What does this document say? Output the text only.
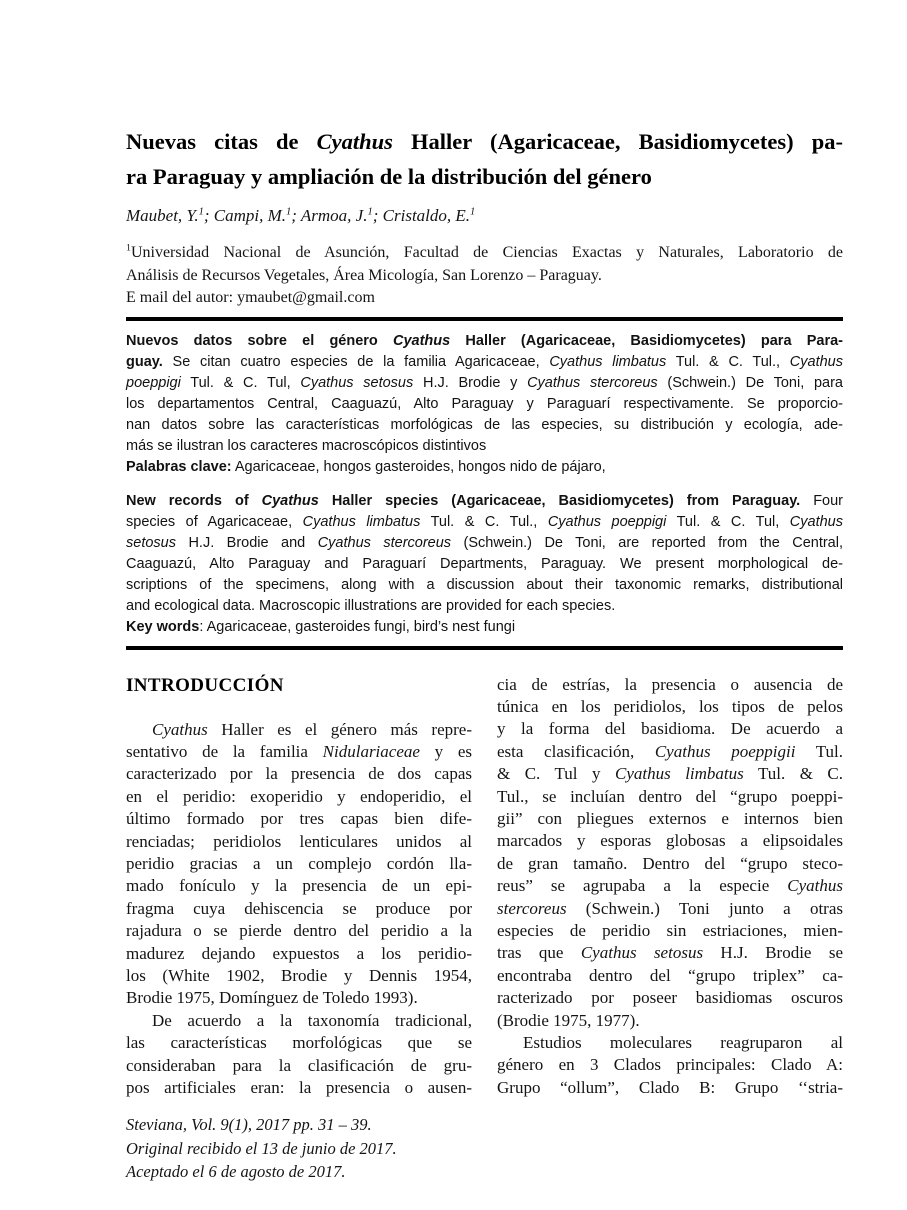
Nuevas citas de Cyathus Haller (Agaricaceae, Basidiomycetes) pa-
ra Paraguay y ampliación de la distribución del género
Maubet, Y.$^1$; Campi, M.$^1$; Armoa, J.$^1$; Cristaldo, E.$^1$
$^1$Universidad Nacional de Asunción, Facultad de Ciencias Exactas y Naturales, Laboratorio de
Análisis de Recursos Vegetales, Área Micología, San Lorenzo – Paraguay.
E mail del autor: ymaubet@gmail.com
Nuevos datos sobre el género Cyathus Haller (Agaricaceae, Basidiomycetes) para Para-
guay. Se citan cuatro especies de la familia Agaricaceae, Cyathus limbatus Tul. & C. Tul., Cyathus
poeppigi Tul. & C. Tul, Cyathus setosus H.J. Brodie y Cyathus stercoreus (Schwein.) De Toni, para
los departamentos Central, Caaguazú, Alto Paraguay y Paraguarí respectivamente. Se proporcio-
nan datos sobre las características morfológicas de las especies, su distribución y ecología, ade-
más se ilustran los caracteres macroscópicos distintivos
Palabras clave: Agaricaceae, hongos gasteroides, hongos nido de pájaro,
New records of Cyathus Haller species (Agaricaceae, Basidiomycetes) from Paraguay. Four
species of Agaricaceae, Cyathus limbatus Tul. & C. Tul., Cyathus poeppigi Tul. & C. Tul, Cyathus
setosus H.J. Brodie and Cyathus stercoreus (Schwein.) De Toni, are reported from the Central,
Caaguazú, Alto Paraguay and Paraguarí Departments, Paraguay. We present morphological de-
scriptions of the specimens, along with a discussion about their taxonomic remarks, distributional
and ecological data. Macroscopic illustrations are provided for each species.
Key words: Agaricaceae, gasteroides fungi, bird’s nest fungi
INTRODUCCIÓN
Cyathus Haller es el género más repre-
sentativo de la familia Nidulariaceae y es
caracterizado por la presencia de dos capas
en el peridio: exoperidio y endoperidio, el
último formado por tres capas bien dife-
renciadas; peridiolos lenticulares unidos al
peridio gracias a un complejo cordón lla-
mado fonículo y la presencia de un epi-
fragma cuya dehiscencia se produce por
rajadura o se pierde dentro del peridio a la
madurez dejando expuestos a los peridio-
los (White 1902, Brodie y Dennis 1954,
Brodie 1975, Domínguez de Toledo 1993).
De acuerdo a la taxonomía tradicional,
las características morfológicas que se
consideraban para la clasificación de gru-
pos artificiales eran: la presencia o ausen-
cia de estrías, la presencia o ausencia de
túnica en los peridiolos, los tipos de pelos
y la forma del basidioma. De acuerdo a
esta clasificación, Cyathus poeppigii Tul.
& C. Tul y Cyathus limbatus Tul. & C.
Tul., se incluían dentro del “grupo poeppi-
gii” con pliegues externos e internos bien
marcados y esporas globosas a elipsoidales
de gran tamaño. Dentro del “grupo steco-
reus” se agrupaba a la especie Cyathus
stercoreus (Schwein.) Toni junto a otras
especies de peridio sin estriaciones, mien-
tras que Cyathus setosus H.J. Brodie se
encontraba dentro del “grupo triplex” ca-
racterizado por poseer basidiomas oscuros
(Brodie 1975, 1977).
Estudios moleculares reagruparon al
género en 3 Clados principales: Clado A:
Grupo “ollum”, Clado B: Grupo ‘‘stria-
Steviana, Vol. 9(1), 2017 pp. 31 – 39.
Original recibido el 13 de junio de 2017.
Aceptado el 6 de agosto de 2017.
